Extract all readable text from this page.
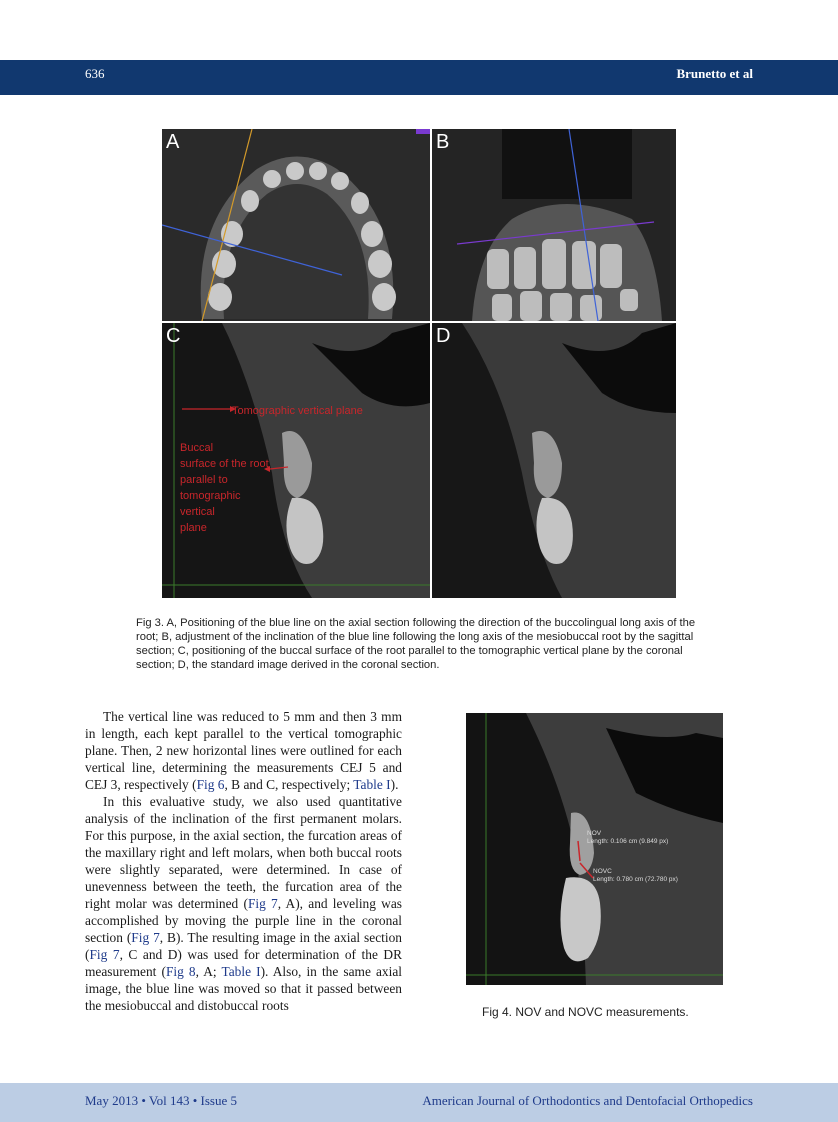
636	Brunetto et al
A	B
C
Tomographic vertical plane
Buccal
surface of the root
parallel to
tomographic
vertical
plane
D
Fig 3. A, Positioning of the blue line on the axial section following the direction of the buccolingual long axis of the root; B, adjustment of the inclination of the blue line following the long axis of the mesiobuccal root by the sagittal section; C, positioning of the buccal surface of the root parallel to the tomographic vertical plane by the coronal section; D, the standard image derived in the coronal section.

The vertical line was reduced to 5 mm and then 3 mm in length, each kept parallel to the vertical tomographic plane. Then, 2 new horizontal lines were outlined for each vertical line, determining the measurements CEJ 5 and CEJ 3, respectively (Fig 6, B and C, respectively; Table I).

In this evaluative study, we also used quantitative analysis of the inclination of the first permanent molars. For this purpose, in the axial section, the furcation areas of the maxillary right and left molars, when both buccal roots were slightly separated, were determined. In case of unevenness between the teeth, the furcation area of the right molar was determined (Fig 7, A), and leveling was accomplished by moving the purple line in the coronal section (Fig 7, B). The resulting image in the axial section (Fig 7, C and D) was used for determination of the DR measurement (Fig 8, A; Table I). Also, in the same axial image, the blue line was moved so that it passed between the mesiobuccal and distobuccal roots

NOV
Length: 0.106 cm (9.849 px)
NOVC
Length: 0.780 cm (72.780 px)
Fig 4. NOV and NOVC measurements.
May 2013 • Vol 143 • Issue 5	American Journal of Orthodontics and Dentofacial Orthopedics
